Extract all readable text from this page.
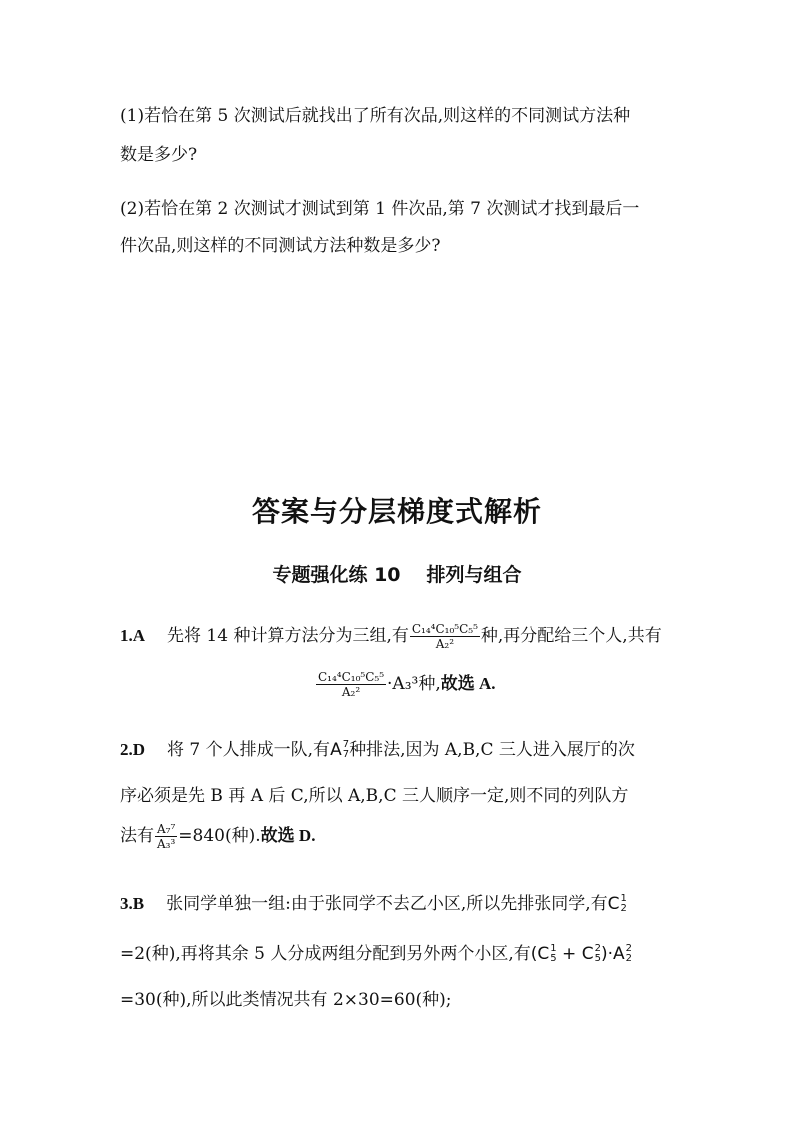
(1)若恰在第 5 次测试后就找出了所有次品,则这样的不同测试方法种
数是多少?
(2)若恰在第 2 次测试才测试到第 1 件次品,第 7 次测试才找到最后一
件次品,则这样的不同测试方法种数是多少?
答案与分层梯度式解析
专题强化练 10 排列与组合
1.A 先将 14 种计算方法分为三组,有 $\frac{\text{C₁₄⁴C₁₀⁵C₅⁵}}{\text{A₂²}}$ 种,再分配给三个人,共有
$\frac{\text{C₁₄⁴C₁₀⁵C₅⁵}}{\text{A₂²}} \cdot A_3^3$种,故选 A.
2.D 将 7 个人排成一队,有A 7
7 种排法,因为 A,B,C 三人进入展厅的次
序必须是先 B 再 A 后 C,所以 A,B,C 三人顺序一定,则不同的列队方
法有 $\frac{\text{A₇⁷}}{\text{A₃³}} =840$(种).故选 D.
3.B 张同学单独一组:由于张同学不去乙小区,所以先排张同学,有C 1
2
=2(种),再将其余 5 人分成两组分配到另外两个小区,有(C 1
5 + C 2
5 )·A 2
2
=30(种),所以此类情况共有 2×30=60(种);
